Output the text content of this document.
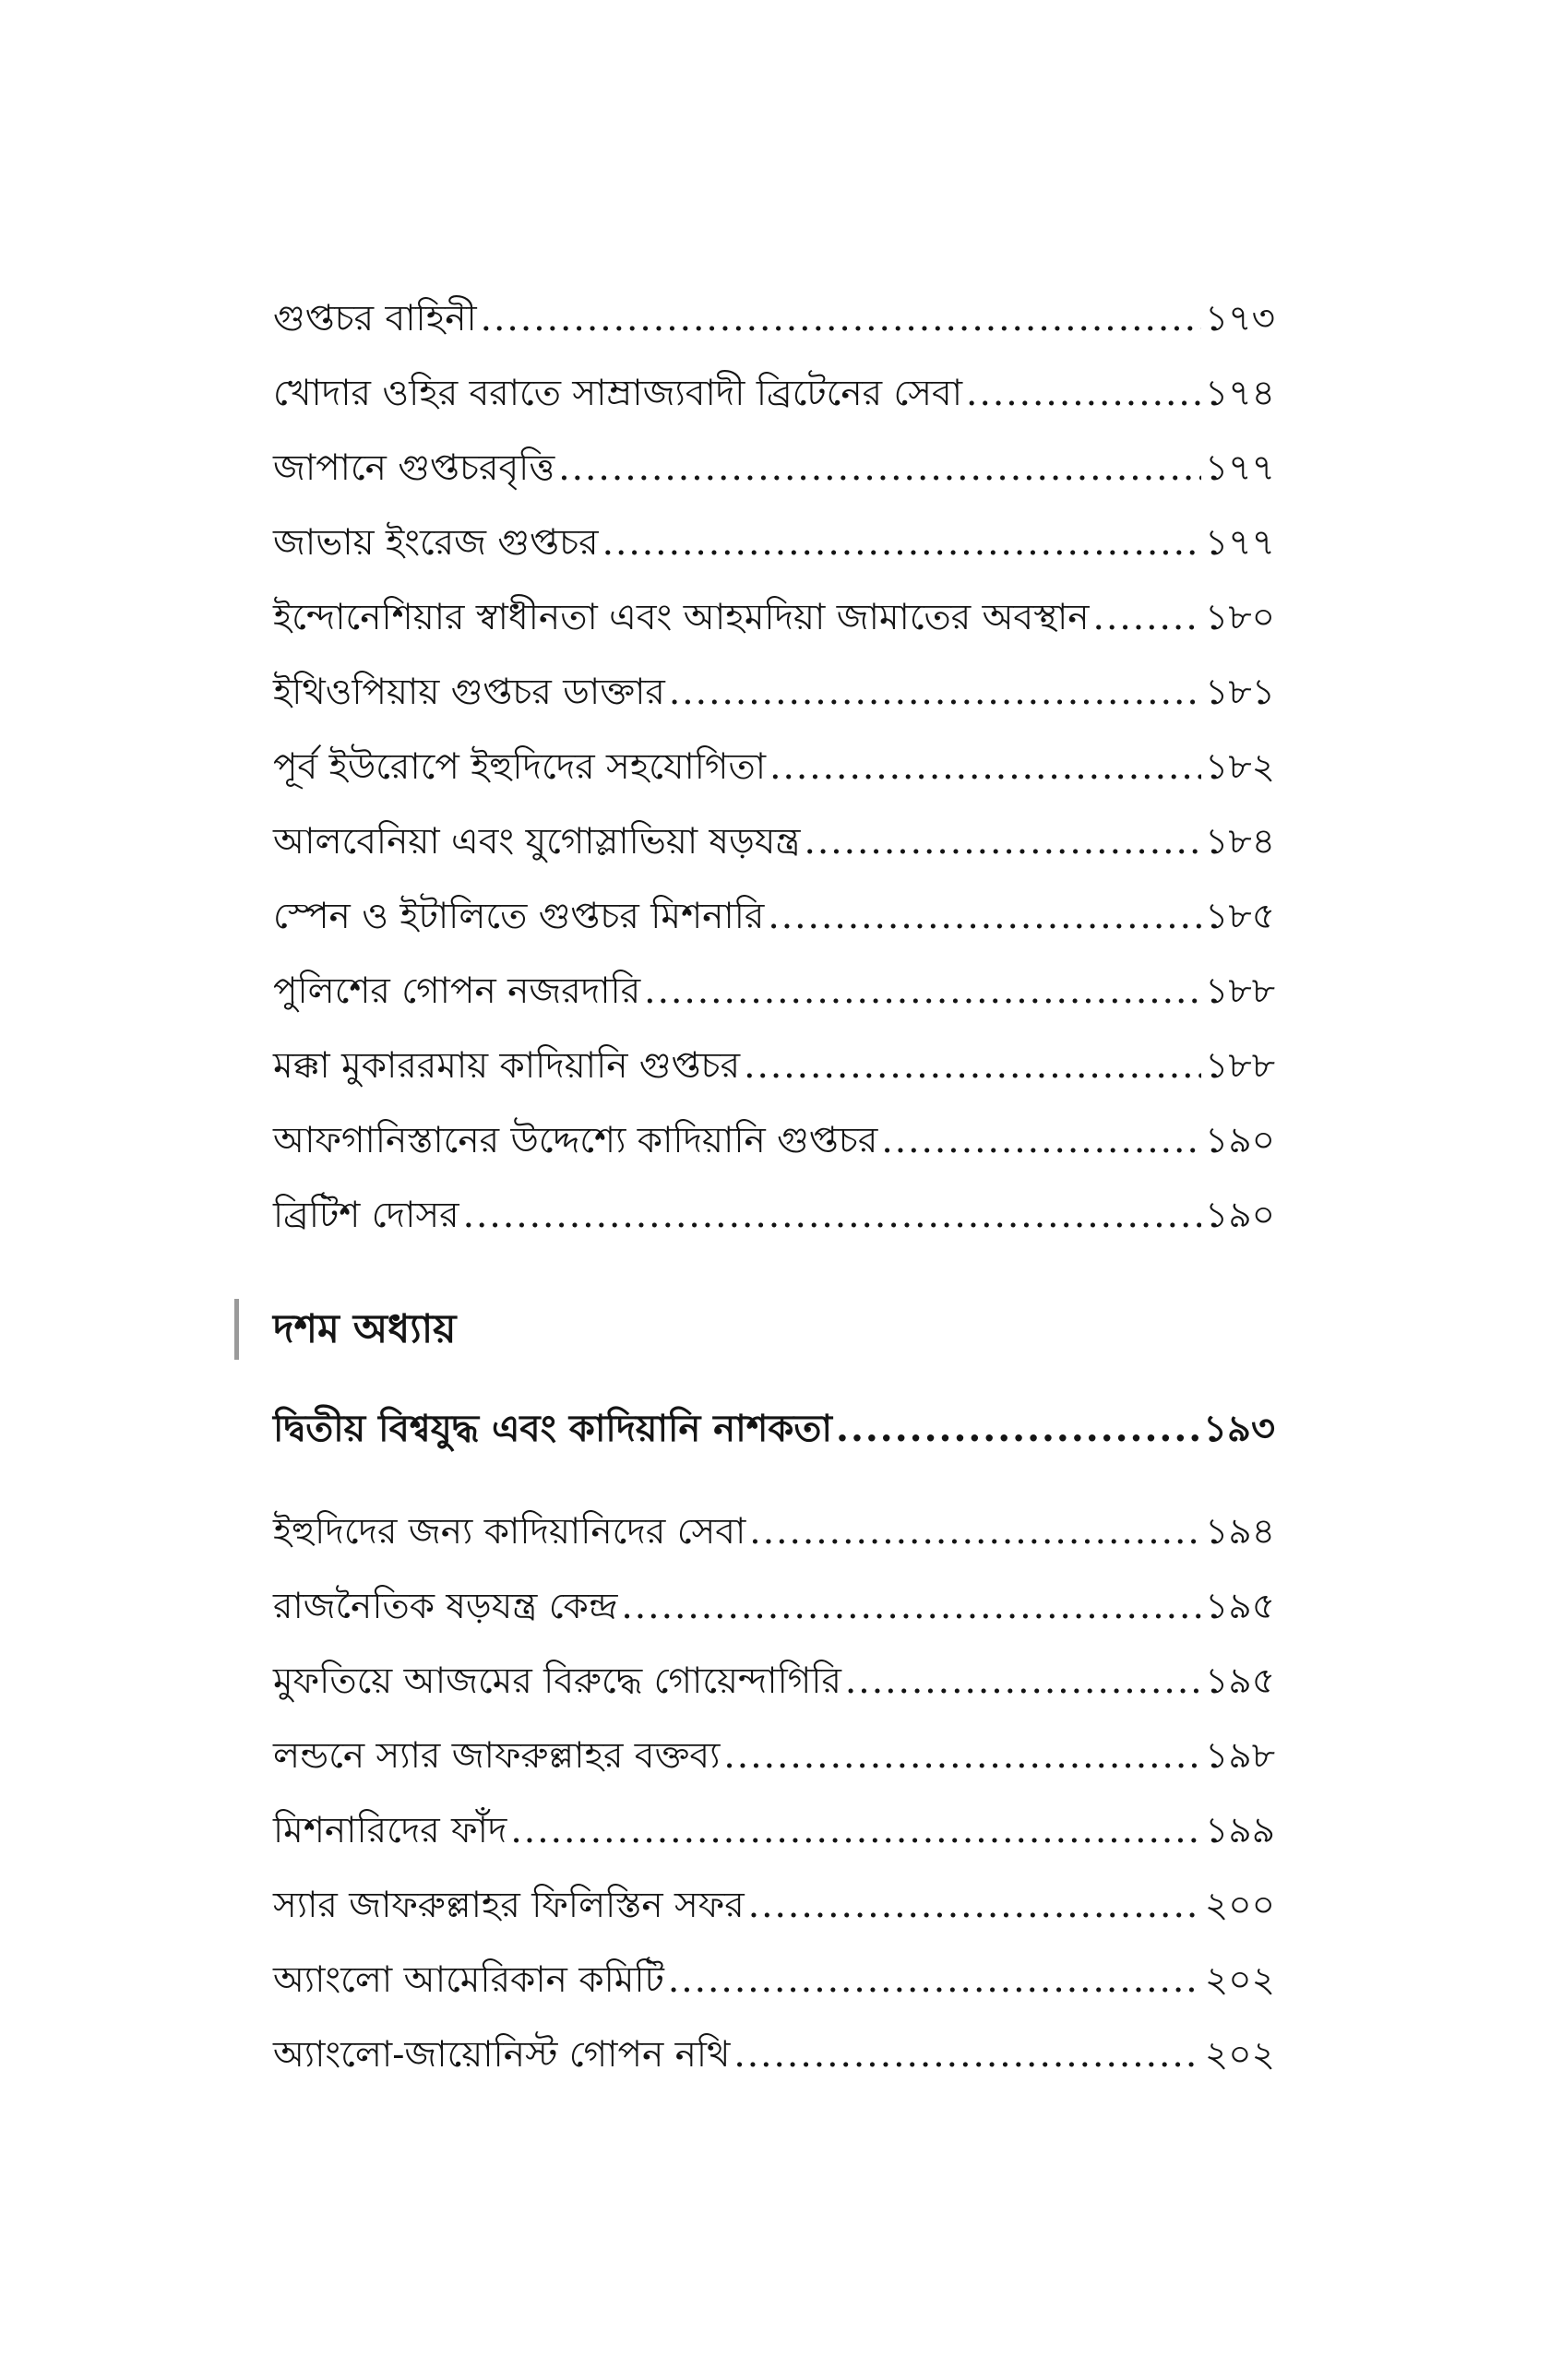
গুপ্তচর বাহিনী .....	১৭৩
খোদার ওহির বরাতে সাম্রাজ্যবাদী ব্রিটেনের সেবা .....	১৭৪
জাপানে গুপ্তচরবৃত্তি .....	১৭৭
জাভায় ইংরেজ গুপ্তচর .....	১৭৭
ইন্দোনেশিয়ার স্বাধীনতা এবং আহমদিয়া জামাতের অবস্থান .....	১৮০
ইথিওপিয়ায় গুপ্তচর ডাক্তার .....	১৮১
পূর্ব ইউরোপে ইহুদিদের সহযোগিতা .....	১৮২
আলবেনিয়া এবং যুগোস্লাভিয়া ষড়যন্ত্র .....	১৮৪
স্পেন ও ইটালিতে গুপ্তচর মিশনারি .....	১৮৫
পুলিশের গোপন নজরদারি .....	১৮৮
মক্কা মুকাররমায় কাদিয়ানি গুপ্তচর .....	১৮৮
আফগানিস্তানের উদ্দেশ্যে কাদিয়ানি গুপ্তচর .....	১৯০
ব্রিটিশ দোসর .....	১৯০
দশম অধ্যায়
দ্বিতীয় বিশ্বযুদ্ধ এবং কাদিয়ানি নাশকতা .....	১৯৩
ইহুদিদের জন্য কাদিয়ানিদের সেবা .....	১৯৪
রাজনৈতিক ষড়যন্ত্র কেন্দ্র .....	১৯৫
মুফতিয়ে আজমের বিরুদ্ধে গোয়েন্দাগিরি .....	১৯৫
লন্ডনে স্যার জাফরুল্লাহর বক্তব্য .....	১৯৮
মিশনারিদের ফাঁদ .....	১৯৯
স্যার জাফরুল্লাহর ফিলিস্তিন সফর .....	২০০
অ্যাংলো আমেরিকান কমিটি .....	২০২
অ্যাংলো-জায়োনিস্ট গোপন নথি .....	২০২
